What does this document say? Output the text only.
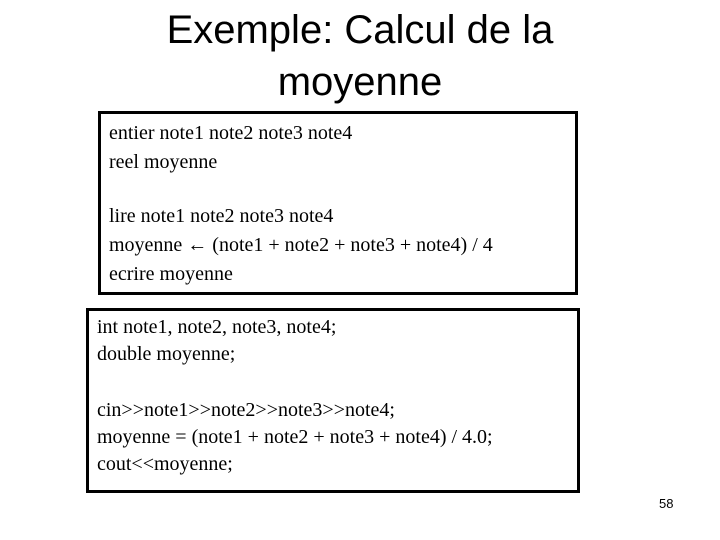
Exemple: Calcul de la
moyenne
entier note1 note2 note3 note4
reel moyenne
lire note1 note2 note3 note4
moyenne ← (note1 + note2 + note3 + note4) / 4
ecrire moyenne
int note1, note2, note3, note4;
double moyenne;
cin>>note1>>note2>>note3>>note4;
moyenne = (note1 + note2 + note3 + note4) / 4.0;
cout<<moyenne;
58
